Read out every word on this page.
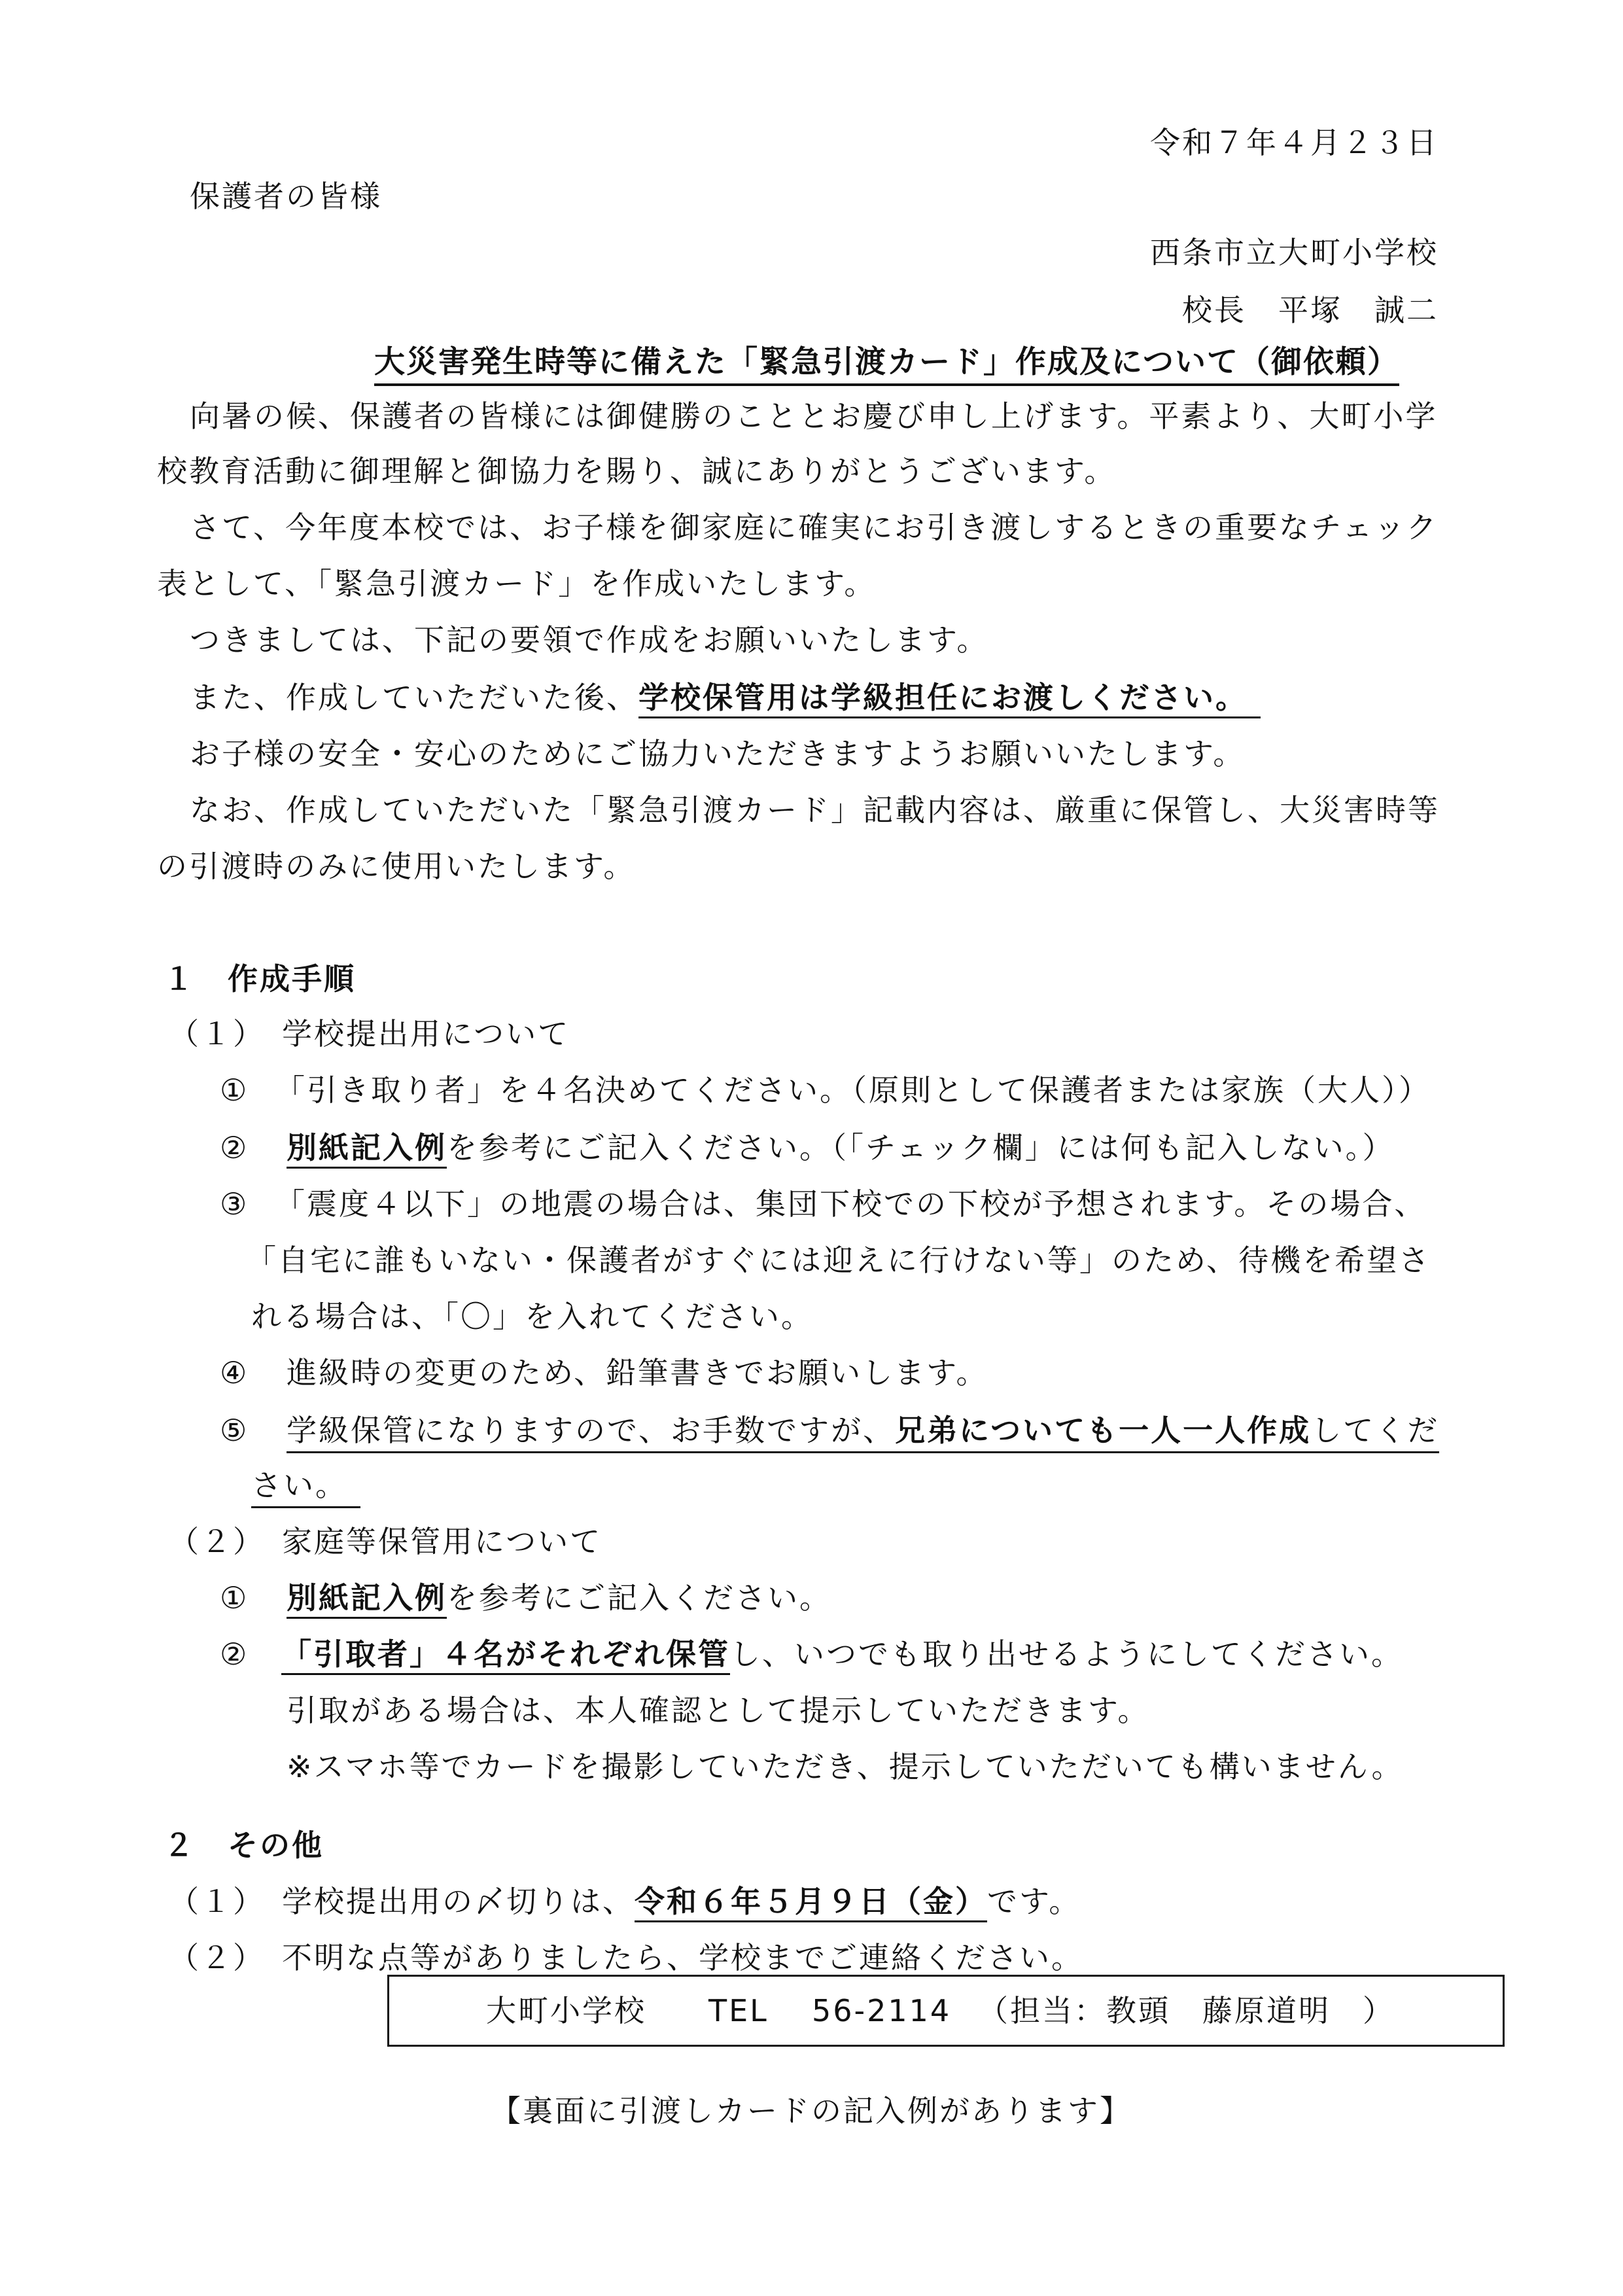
令和７年４月２３日
保護者の皆様
西条市立大町小学校
校長　平塚　誠二
大災害発生時等に備えた「緊急引渡カード」作成及について（御依頼）
向暑の候、保護者の皆様には御健勝のこととお慶び申し上げます。平素より、大町小学
校教育活動に御理解と御協力を賜り、誠にありがとうございます。
さて、今年度本校では、お子様を御家庭に確実にお引き渡しするときの重要なチェック
表として、「緊急引渡カード」を作成いたします。
つきましては、下記の要領で作成をお願いいたします。
また、作成していただいた後、学校保管用は学級担任にお渡しください。
お子様の安全・安心のためにご協力いただきますようお願いいたします。
なお、作成していただいた「緊急引渡カード」記載内容は、厳重に保管し、大災害時等
の引渡時のみに使用いたします。
１　作成手順
（１）　学校提出用について
① 「引き取り者」を４名決めてください。（原則として保護者または家族（大人））
② 別紙記入例を参考にご記入ください。（「チェック欄」には何も記入しない。）
③ 「震度４以下」の地震の場合は、集団下校での下校が予想されます。その場合、
「自宅に誰もいない・保護者がすぐには迎えに行けない等」のため、待機を希望さ
れる場合は、「〇」を入れてください。
④ 進級時の変更のため、鉛筆書きでお願いします。
⑤ 学級保管になりますので、お手数ですが、兄弟についても一人一人作成してくだ
さい。
（２）　家庭等保管用について
① 別紙記入例を参考にご記入ください。
② 「引取者」４名がそれぞれ保管し、いつでも取り出せるようにしてください。
引取がある場合は、本人確認として提示していただきます。
※スマホ等でカードを撮影していただき、提示していただいても構いません。
２　その他
（１）　学校提出用の〆切りは、令和６年５月９日（金）です。
（２）　不明な点等がありましたら、学校までご連絡ください。
大町小学校 TEL 56-2114 （担当：教頭　藤原道明　）
【裏面に引渡しカードの記入例があります】
